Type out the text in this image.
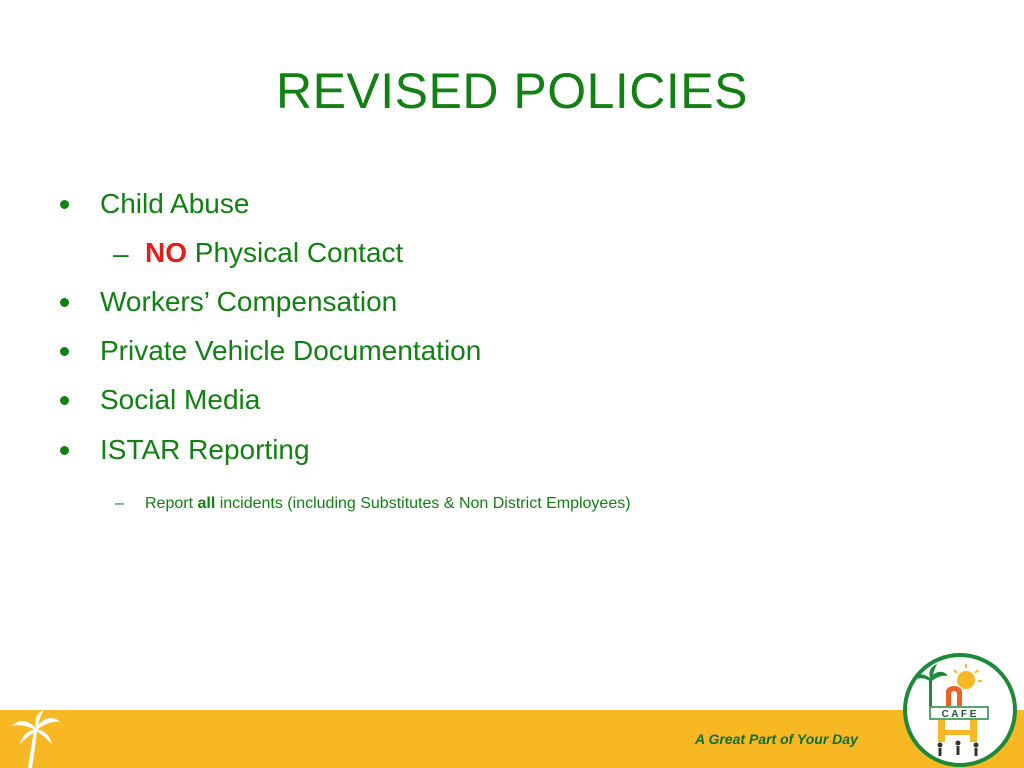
REVISED POLICIES
Child Abuse
– NO Physical Contact
Workers’ Compensation
Private Vehicle Documentation
Social Media
ISTAR Reporting
– Report all incidents (including Substitutes & Non District Employees)
A Great Part of Your Day
C A F E
